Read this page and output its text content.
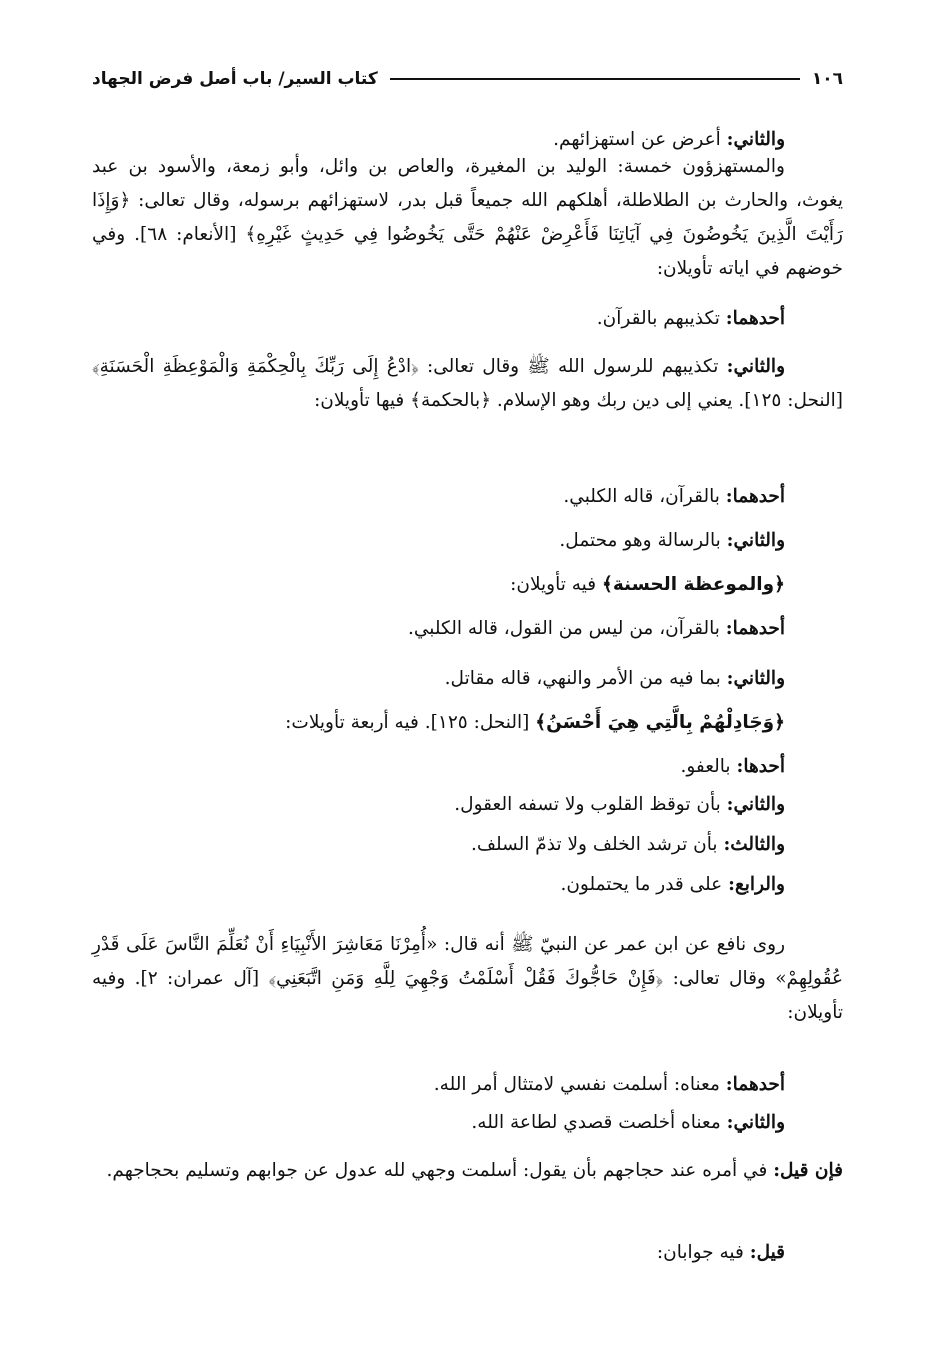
١٠٦
كتاب السير/ باب أصل فرض الجهاد

والثاني: أعرض عن استهزائهم.

والمستهزؤون خمسة: الوليد بن المغيرة، والعاص بن وائل، وأبو زمعة، والأسود بن عبد يغوث، والحارث بن الطلاطلة، أهلكهم الله جميعاً قبل بدر، لاستهزائهم برسوله، وقال تعالى: ﴿وَإِذَا رَأَيْتَ الَّذِينَ يَخُوضُونَ فِي آيَاتِنَا فَأَعْرِضْ عَنْهُمْ حَتَّى يَخُوضُوا فِي حَدِيثٍ غَيْرِهِ﴾ [الأنعام: ٦٨]. وفي خوضهم في اياته تأويلان:

أحدهما: تكذيبهم بالقرآن.

والثاني: تكذيبهم للرسول الله ﷺ وقال تعالى: ﴿ادْعُ إِلَى رَبِّكَ بِالْحِكْمَةِ وَالْمَوْعِظَةِ الْحَسَنَةِ﴾ [النحل: ١٢٥]. يعني إلى دين ربك وهو الإسلام. ﴿بالحكمة﴾ فيها تأويلان:

أحدهما: بالقرآن، قاله الكلبي.

والثاني: بالرسالة وهو محتمل.

﴿والموعظة الحسنة﴾ فيه تأويلان:

أحدهما: بالقرآن، من ليس من القول، قاله الكلبي.

والثاني: بما فيه من الأمر والنهي، قاله مقاتل.

﴿وَجَادِلْهُمْ بِالَّتِي هِيَ أَحْسَنُ﴾ [النحل: ١٢٥]. فيه أربعة تأويلات:

أحدها: بالعفو.

والثاني: بأن توقظ القلوب ولا تسفه العقول.

والثالث: بأن ترشد الخلف ولا تذمّ السلف.

والرابع: على قدر ما يحتملون.

روى نافع عن ابن عمر عن النبيّ ﷺ أنه قال: «أُمِرْنَا مَعَاشِرَ الأَنْبِيَاءِ أَنْ نُعَلِّمَ النَّاسَ عَلَى قَدْرِ عُقُولِهِمْ» وقال تعالى: ﴿فَإِنْ حَاجُّوكَ فَقُلْ أَسْلَمْتُ وَجْهِيَ لِلَّهِ وَمَنِ اتَّبَعَنِي﴾ [آل عمران: ٢]. وفيه تأويلان:

أحدهما: معناه: أسلمت نفسي لامتثال أمر الله.

والثاني: معناه أخلصت قصدي لطاعة الله.

فإن قيل: في أمره عند حجاجهم بأن يقول: أسلمت وجهي لله عدول عن جوابهم وتسليم بحجاجهم.

قيل: فيه جوابان:
